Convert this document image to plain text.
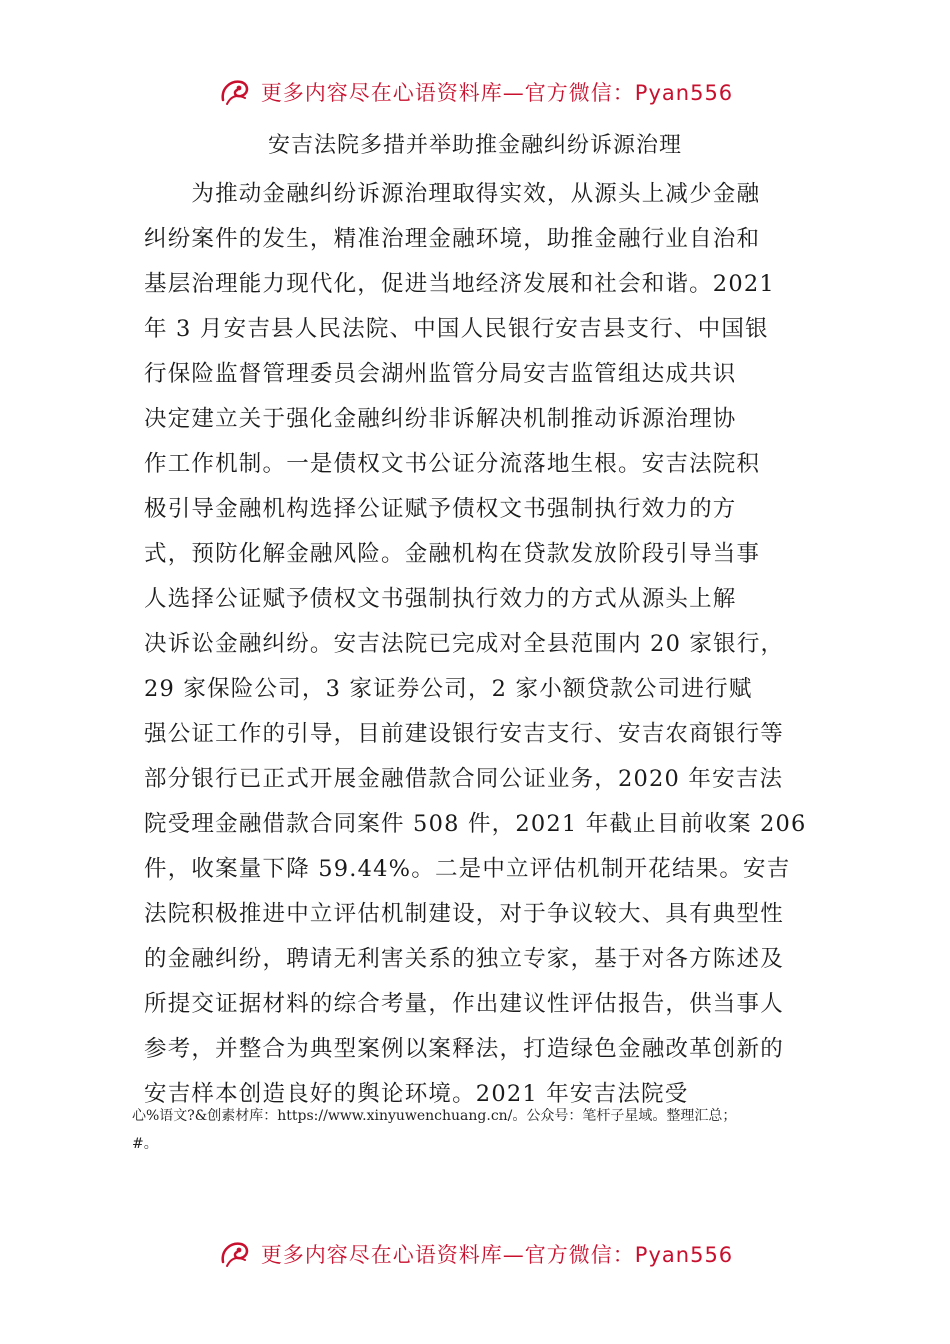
更多内容尽在心语资料库—官方微信：Pyan556
安吉法院多措并举助推金融纠纷诉源治理
　　为推动金融纠纷诉源治理取得实效，从源头上减少金融
纠纷案件的发生，精准治理金融环境，助推金融行业自治和
基层治理能力现代化，促进当地经济发展和社会和谐。2021
年 3 月安吉县人民法院、中国人民银行安吉县支行、中国银
行保险监督管理委员会湖州监管分局安吉监管组达成共识
决定建立关于强化金融纠纷非诉解决机制推动诉源治理协
作工作机制。一是债权文书公证分流落地生根。安吉法院积
极引导金融机构选择公证赋予债权文书强制执行效力的方
式，预防化解金融风险。金融机构在贷款发放阶段引导当事
人选择公证赋予债权文书强制执行效力的方式从源头上解
决诉讼金融纠纷。安吉法院已完成对全县范围内 20 家银行，
29 家保险公司，3 家证券公司，2 家小额贷款公司进行赋
强公证工作的引导，目前建设银行安吉支行、安吉农商银行等
部分银行已正式开展金融借款合同公证业务，2020 年安吉法
院受理金融借款合同案件 508 件，2021 年截止目前收案 206
件，收案量下降 59.44%。二是中立评估机制开花结果。安吉
法院积极推进中立评估机制建设，对于争议较大、具有典型性
的金融纠纷，聘请无利害关系的独立专家，基于对各方陈述及
所提交证据材料的综合考量，作出建议性评估报告，供当事人
参考，并整合为典型案例以案释法，打造绿色金融改革创新的
安吉样本创造良好的舆论环境。2021 年安吉法院受
心%语文?&创素材库：https://www.xinyuwenchuang.cn/。公众号：笔杆子星域。整理汇总；
#。
更多内容尽在心语资料库—官方微信：Pyan556
